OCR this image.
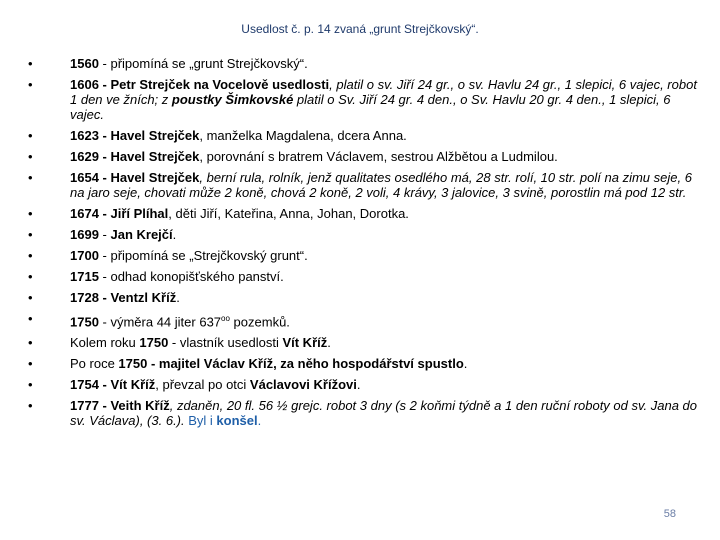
Usedlost č. p. 14 zvaná „grunt Strejčkovský“.
•	1560 - připomíná se „grunt Strejčkovský“.
•	1606 - Petr Strejček na Vocelově usedlosti, platil o sv. Jiří 24 gr., o sv. Havlu 24 gr., 1 slepici, 6 vajec, robot 1 den ve žních; z poustky Šimkovské platil o Sv. Jiří 24 gr. 4 den., o Sv. Havlu 20 gr. 4 den., 1 slepici, 6 vajec.
•	1623 - Havel Strejček, manželka Magdalena, dcera Anna.
•	1629 - Havel Strejček, porovnání s bratrem Václavem, sestrou Alžbětou a Ludmilou.
•	1654 - Havel Strejček, berní rula, rolník, jenž qualitates osedlého má, 28 str. rolí, 10 str. polí na zimu seje, 6 na jaro seje, chovati může 2 koně, chová 2 koně, 2 voli, 4 krávy, 3 jalovice, 3 svině, porostlin má pod 12 str.
•	1674 - Jiří Plíhal, děti Jiří, Kateřina, Anna, Johan, Dorotka.
•	1699 - Jan Krejčí.
•	1700 - připomíná se „Strejčkovský grunt“.
•	1715 - odhad konopišťského panství.
•	1728 - Ventzl Kříž.
•	1750 - výměra 44 jiter $637^{oo}$ pozemků.
•	Kolem roku 1750 - vlastník usedlosti Vít Kříž.
•	Po roce 1750 - majitel Václav Kříž, za něho hospodářství spustlo.
•	1754 - Vít Kříž, převzal po otci Václavovi Křížovi.
•	1777 - Veith Kříž, zdaněn, 20 fl. 56 ½ grejc. robot 3 dny (s 2 koňmi týdně a 1 den ruční roboty od sv. Jana do sv. Václava), (3. 6.). Byl i konšel.
58
